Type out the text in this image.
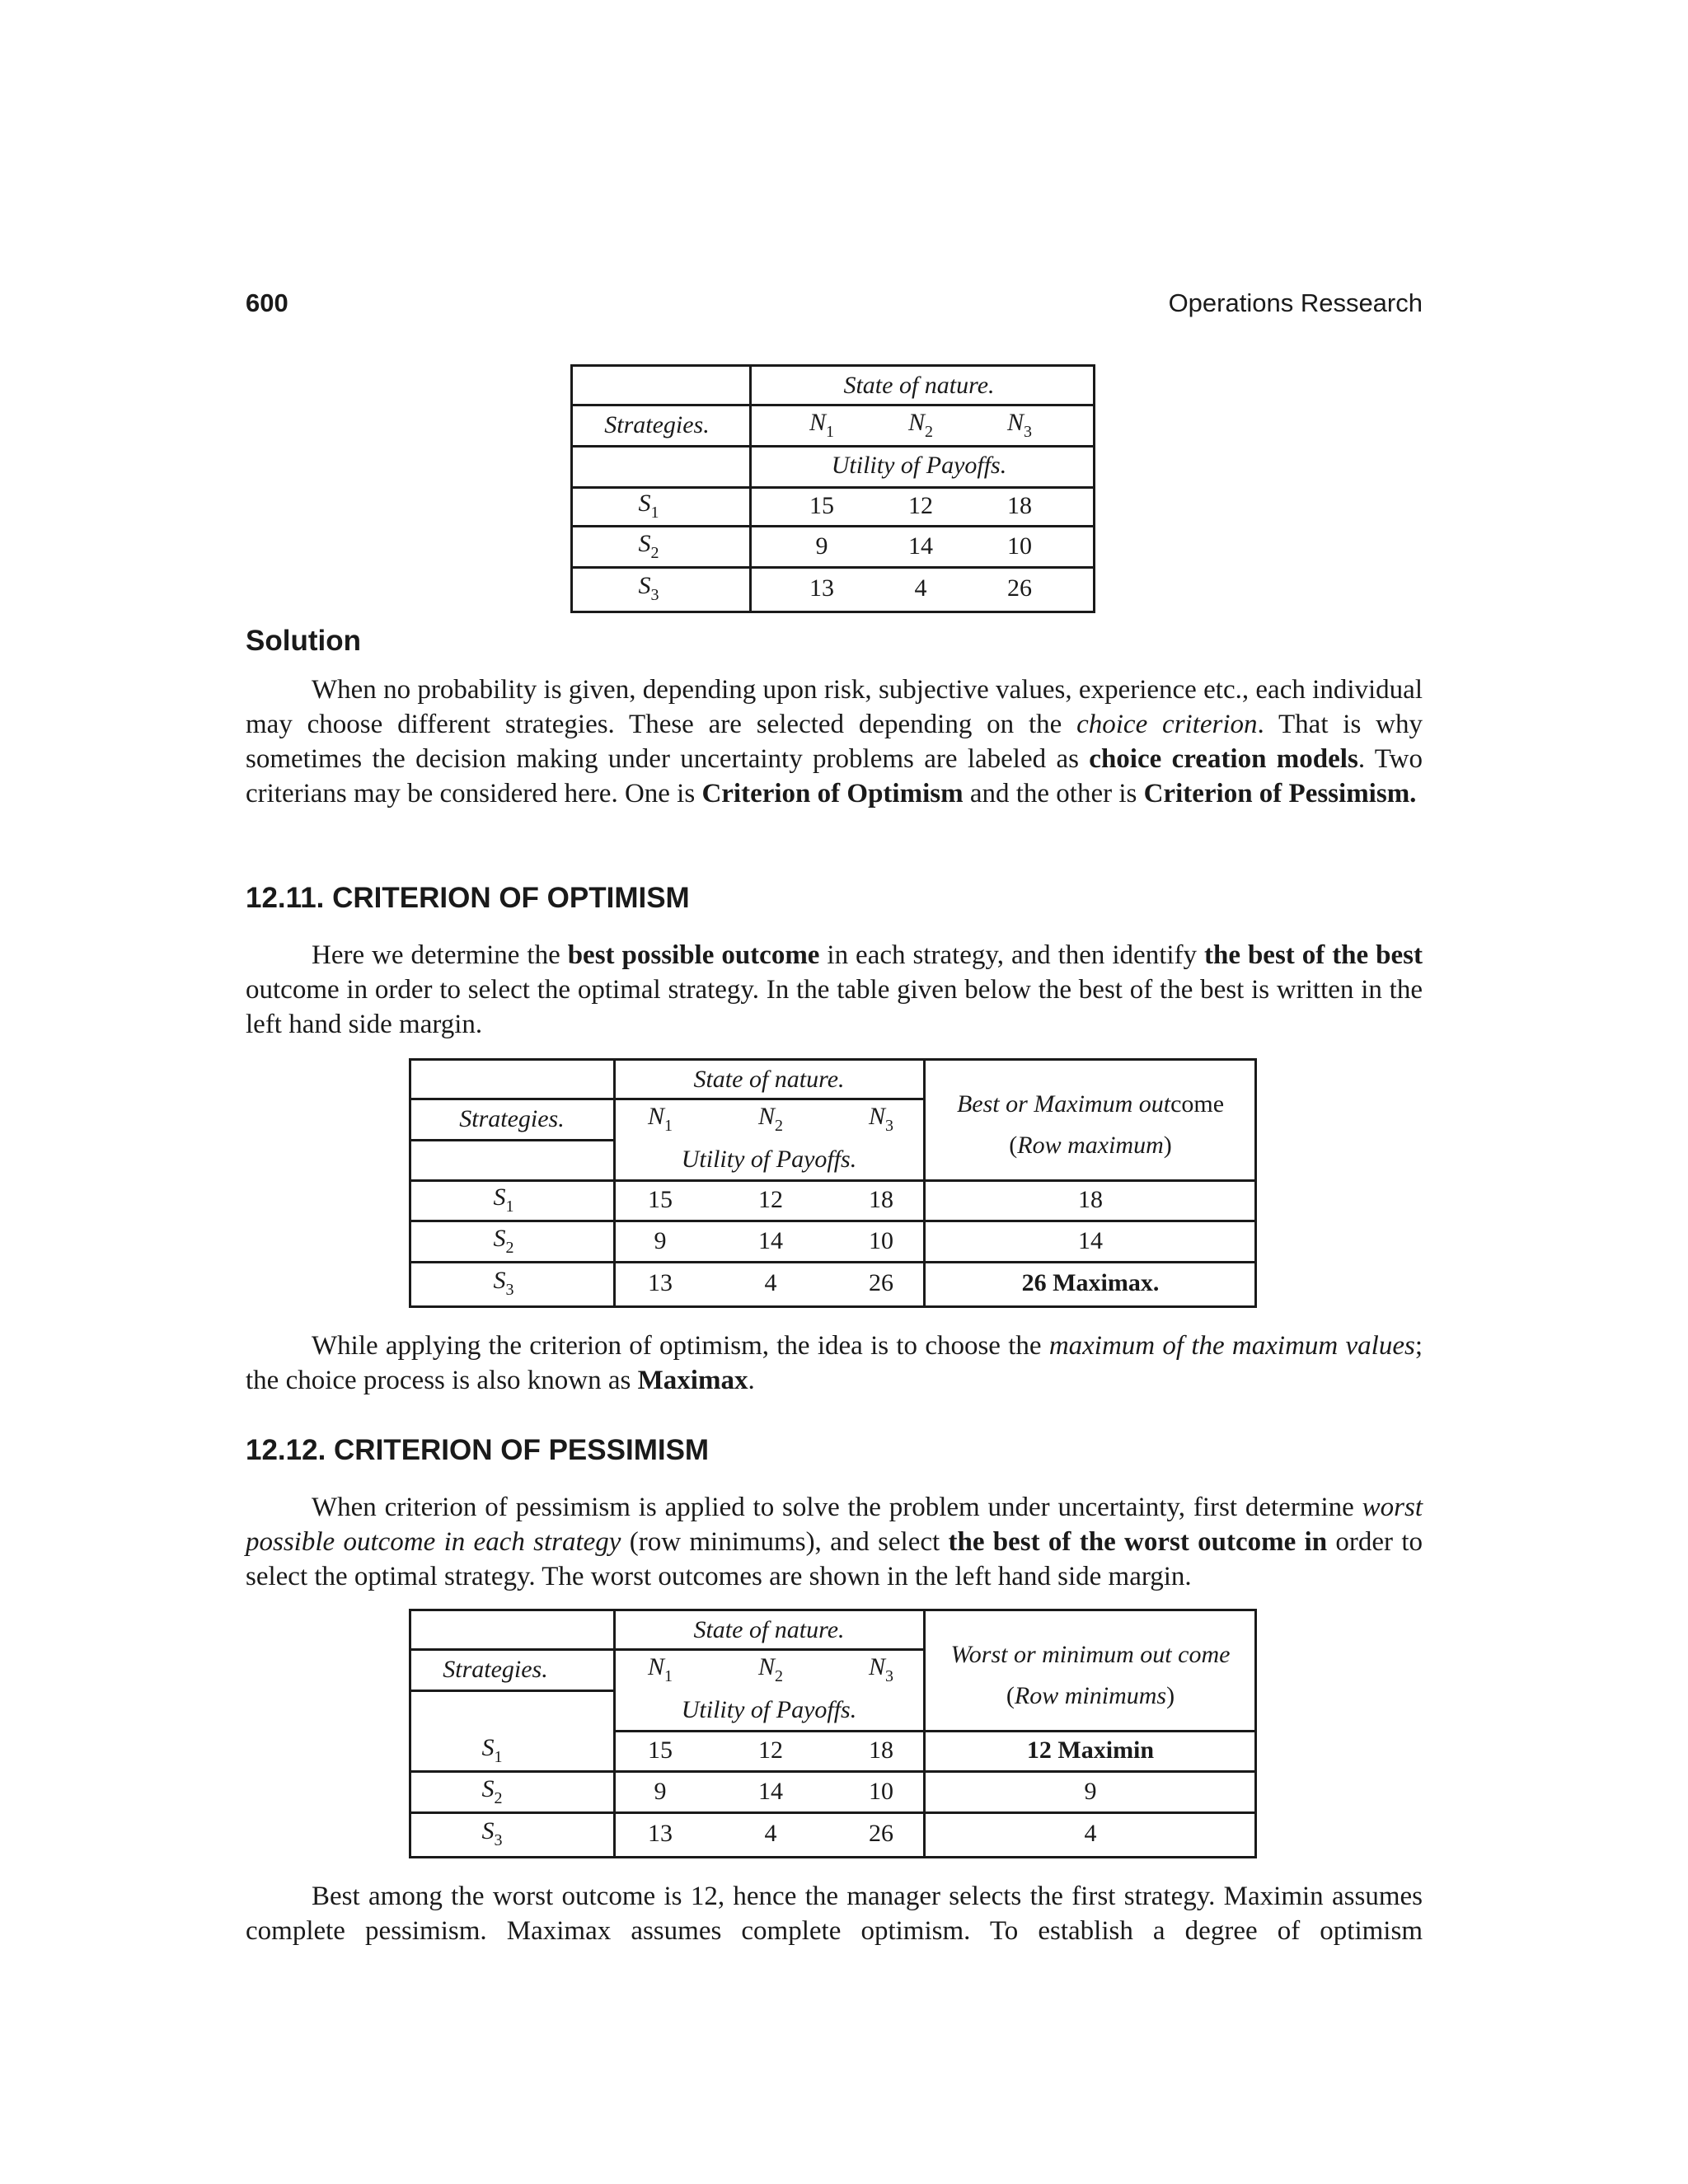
600	Operations Ressearch
State of nature.
Strategies.	$N_1$	$N_2$	$N_3$
Utility of Payoffs.
$S_1$	15	12	18
$S_2$	9	14	10
$S_3$	13	4	26
Solution

When no probability is given, depending upon risk, subjective values, experience etc., each individual may choose different strategies. These are selected depending on the choice criterion. That is why sometimes the decision making under uncertainty problems are labeled as choice creation models. Two criterians may be considered here. One is Criterion of Optimism and the other is Criterion of Pessimism.

12.11. CRITERION OF OPTIMISM

Here we determine the best possible outcome in each strategy, and then identify the best of the best outcome in order to select the optimal strategy. In the table given below the best of the best is written in the left hand side margin.

State of nature.
Strategies.	$N_1$	$N_2$	$N_3$
Utility of Payoffs.
Best or Maximum outcome
(Row maximum)
$S_1$	15	12	18	18
$S_2$	9	14	10	14
$S_3$	13	4	26	26 Maximax.

While applying the criterion of optimism, the idea is to choose the maximum of the maximum values; the choice process is also known as Maximax.

12.12. CRITERION OF PESSIMISM

When criterion of pessimism is applied to solve the problem under uncertainty, first determine worst possible outcome in each strategy (row minimums), and select the best of the worst outcome in order to select the optimal strategy. The worst outcomes are shown in the left hand side margin.

State of nature.
Strategies.	$N_1$	$N_2$	$N_3$
Utility of Payoffs.
Worst or minimum out come
(Row minimums)
$S_1$	15	12	18	12 Maximin
$S_2$	9	14	10	9
$S_3$	13	4	26	4

Best among the worst outcome is 12, hence the manager selects the first strategy. Maximin assumes complete pessimism. Maximax assumes complete optimism. To establish a degree of optimism
